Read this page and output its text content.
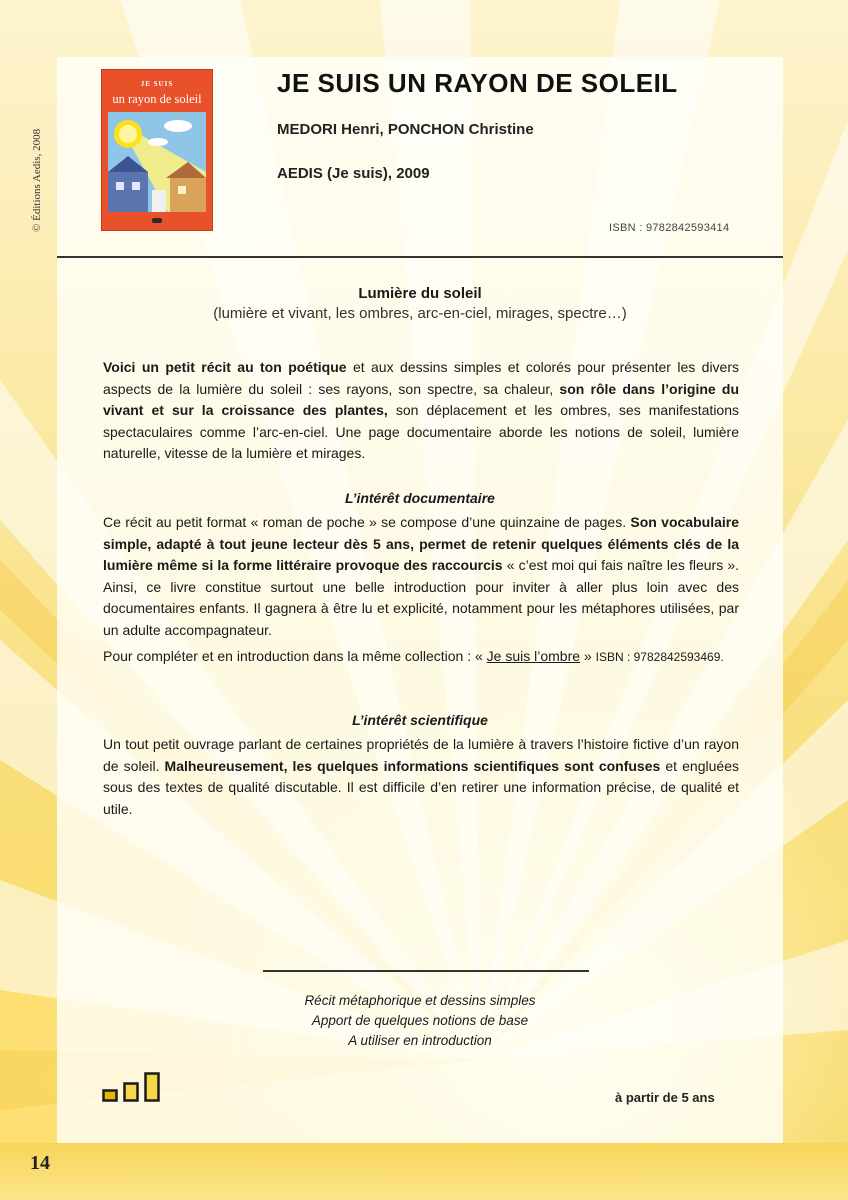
14
© Éditions Aedis, 2008
JE SUIS
un rayon de soleil
JE SUIS UN RAYON DE SOLEIL
MEDORI Henri, PONCHON Christine
AEDIS (Je suis), 2009
ISBN : 9782842593414
Lumière du soleil
(lumière et vivant, les ombres, arc-en-ciel, mirages, spectre…)
Voici un petit récit au ton poétique et aux dessins simples et colorés pour présenter les divers aspects de la lumière du soleil : ses rayons, son spectre, sa chaleur, son rôle dans l’origine du vivant et sur la croissance des plantes, son déplacement et les ombres, ses manifestations spectaculaires comme l’arc-en-ciel. Une page documentaire aborde les notions de soleil, lumière naturelle, vitesse de la lumière et mirages.
L’intérêt documentaire
Ce récit au petit format « roman de poche » se compose d’une quinzaine de pages. Son vocabulaire simple, adapté à tout jeune lecteur dès 5 ans, permet de retenir quelques éléments clés de la lumière même si la forme littéraire provoque des raccourcis « c’est moi qui fais naître les fleurs ». Ainsi, ce livre constitue surtout une belle introduction pour inviter à aller plus loin avec des documentaires enfants. Il gagnera à être lu et explicité, notamment pour les métaphores utilisées, par un adulte accompagnateur.
Pour compléter et en introduction dans la même collection : « Je suis l’ombre » ISBN : 9782842593469.
L’intérêt scientifique
Un tout petit ouvrage parlant de certaines propriétés de la lumière à travers l’histoire fictive d’un rayon de soleil. Malheureusement, les quelques informations scientifiques sont confuses et engluées sous des textes de qualité discutable. Il est difficile d’en retirer une information précise, de qualité et utile.
Récit métaphorique et dessins simples
Apport de quelques notions de base
A utiliser en introduction
à partir de 5 ans
